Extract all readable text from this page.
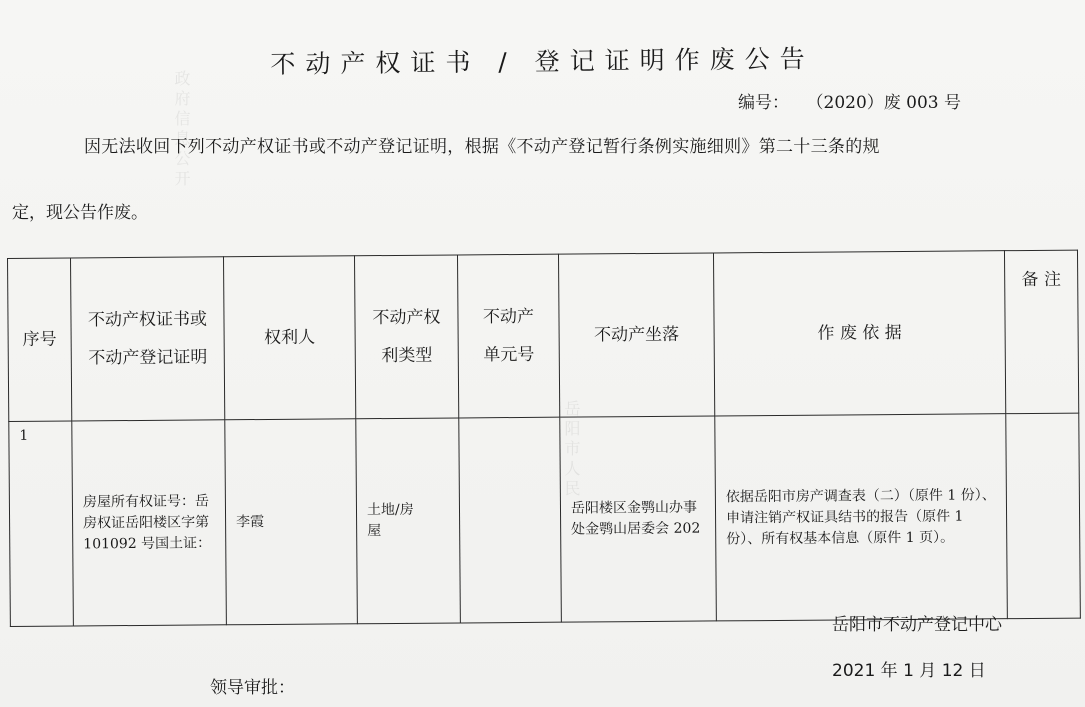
政府信息公开
岳阳市人民
不动产权证书 / 登记证明作废公告
编号： （2020）废 003 号
因无法收回下列不动产权证书或不动产登记证明，根据《不动产登记暂行条例实施细则》第二十三条的规
定，现公告作废。
序号	不动产权证书或不动产登记证明	权利人	不动产权利类型	不动产单元号	不动产坐落	作 废 依 据	备 注
1	房屋所有权证号：岳房权证岳阳楼区字第 101092 号国土证：	李霞	土地/房屋		岳阳楼区金鹗山办事处金鹗山居委会 202	依据岳阳市房产调查表（二）（原件 1 份）、申请注销产权证具结书的报告（原件 1 份）、所有权基本信息（原件 1 页）。	
岳阳市不动产登记中心
2021 年 1 月 12 日
领导审批：
